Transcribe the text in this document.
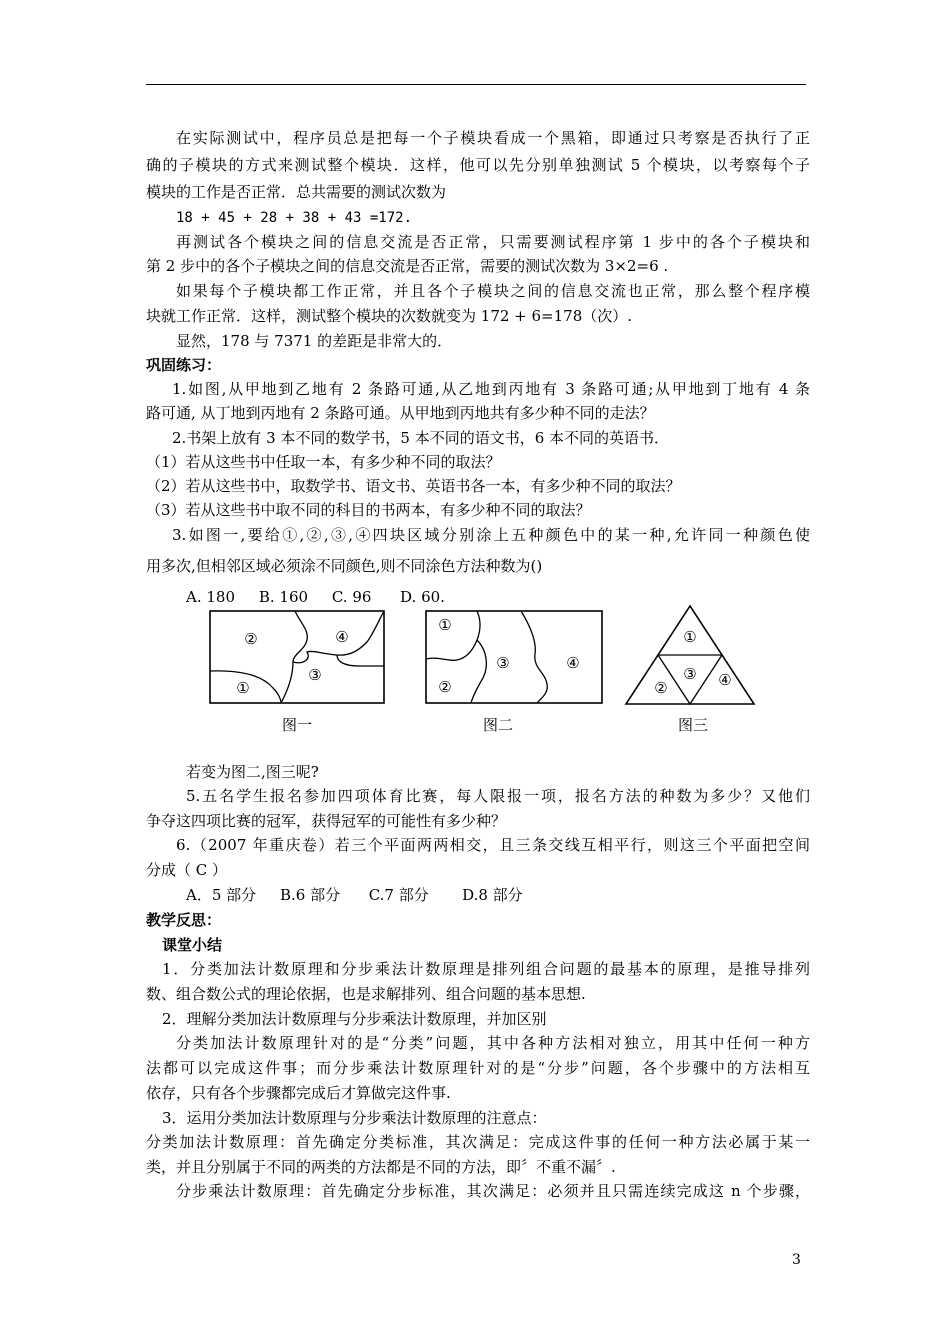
在实际测试中，程序员总是把每一个子模块看成一个黑箱，即通过只考察是否执行了正
确的子模块的方式来测试整个模块．这样，他可以先分别单独测试 5 个模块，以考察每个子
模块的工作是否正常．总共需要的测试次数为
18 + 45 + 28 + 38 + 43 =172.
再测试各个模块之间的信息交流是否正常，只需要测试程序第 1 步中的各个子模块和
第 2 步中的各个子模块之间的信息交流是否正常，需要的测试次数为 3×2=6 .
如果每个子模块都工作正常，并且各个子模块之间的信息交流也正常，那么整个程序模
块就工作正常．这样，测试整个模块的次数就变为 172 + 6=178（次）.
显然，178 与 7371 的差距是非常大的．
巩固练习：
1.如图,从甲地到乙地有 2 条路可通,从乙地到丙地有 3 条路可通;从甲地到丁地有 4 条
路可通, 从丁地到丙地有 2 条路可通。从甲地到丙地共有多少种不同的走法？
2.书架上放有 3 本不同的数学书，5 本不同的语文书，6 本不同的英语书．
（1）若从这些书中任取一本，有多少种不同的取法？
（2）若从这些书中，取数学书、语文书、英语书各一本，有多少种不同的取法？
（3）若从这些书中取不同的科目的书两本，有多少种不同的取法？
3.如图一,要给①,②,③,④四块区域分别涂上五种颜色中的某一种,允许同一种颜色使
用多次,但相邻区域必须涂不同颜色,则不同涂色方法种数为()
A. 180     B. 160     C. 96      D. 60.
②	④
③
①
图一
①
③	④
②
图二
①
③
②	④
图三
若变为图二,图三呢?
5.五名学生报名参加四项体育比赛，每人限报一项，报名方法的种数为多少？又他们
争夺这四项比赛的冠军，获得冠军的可能性有多少种？
6.（2007 年重庆卷）若三个平面两两相交，且三条交线互相平行，则这三个平面把空间
分成（ C ）
A．5 部分     B.6 部分      C.7 部分       D.8 部分
教学反思：
课堂小结
1．分类加法计数原理和分步乘法计数原理是排列组合问题的最基本的原理，是推导排列
数、组合数公式的理论依据，也是求解排列、组合问题的基本思想.
2．理解分类加法计数原理与分步乘法计数原理，并加区别
分类加法计数原理针对的是“分类”问题，其中各种方法相对独立，用其中任何一种方
法都可以完成这件事；而分步乘法计数原理针对的是“分步”问题，各个步骤中的方法相互
依存，只有各个步骤都完成后才算做完这件事.
3．运用分类加法计数原理与分步乘法计数原理的注意点：
分类加法计数原理：首先确定分类标准，其次满足：完成这件事的任何一种方法必属于某一
类，并且分别属于不同的两类的方法都是不同的方法，即〞不重不漏〞.
分步乘法计数原理：首先确定分步标准，其次满足：必须并且只需连续完成这 n 个步骤，
3
